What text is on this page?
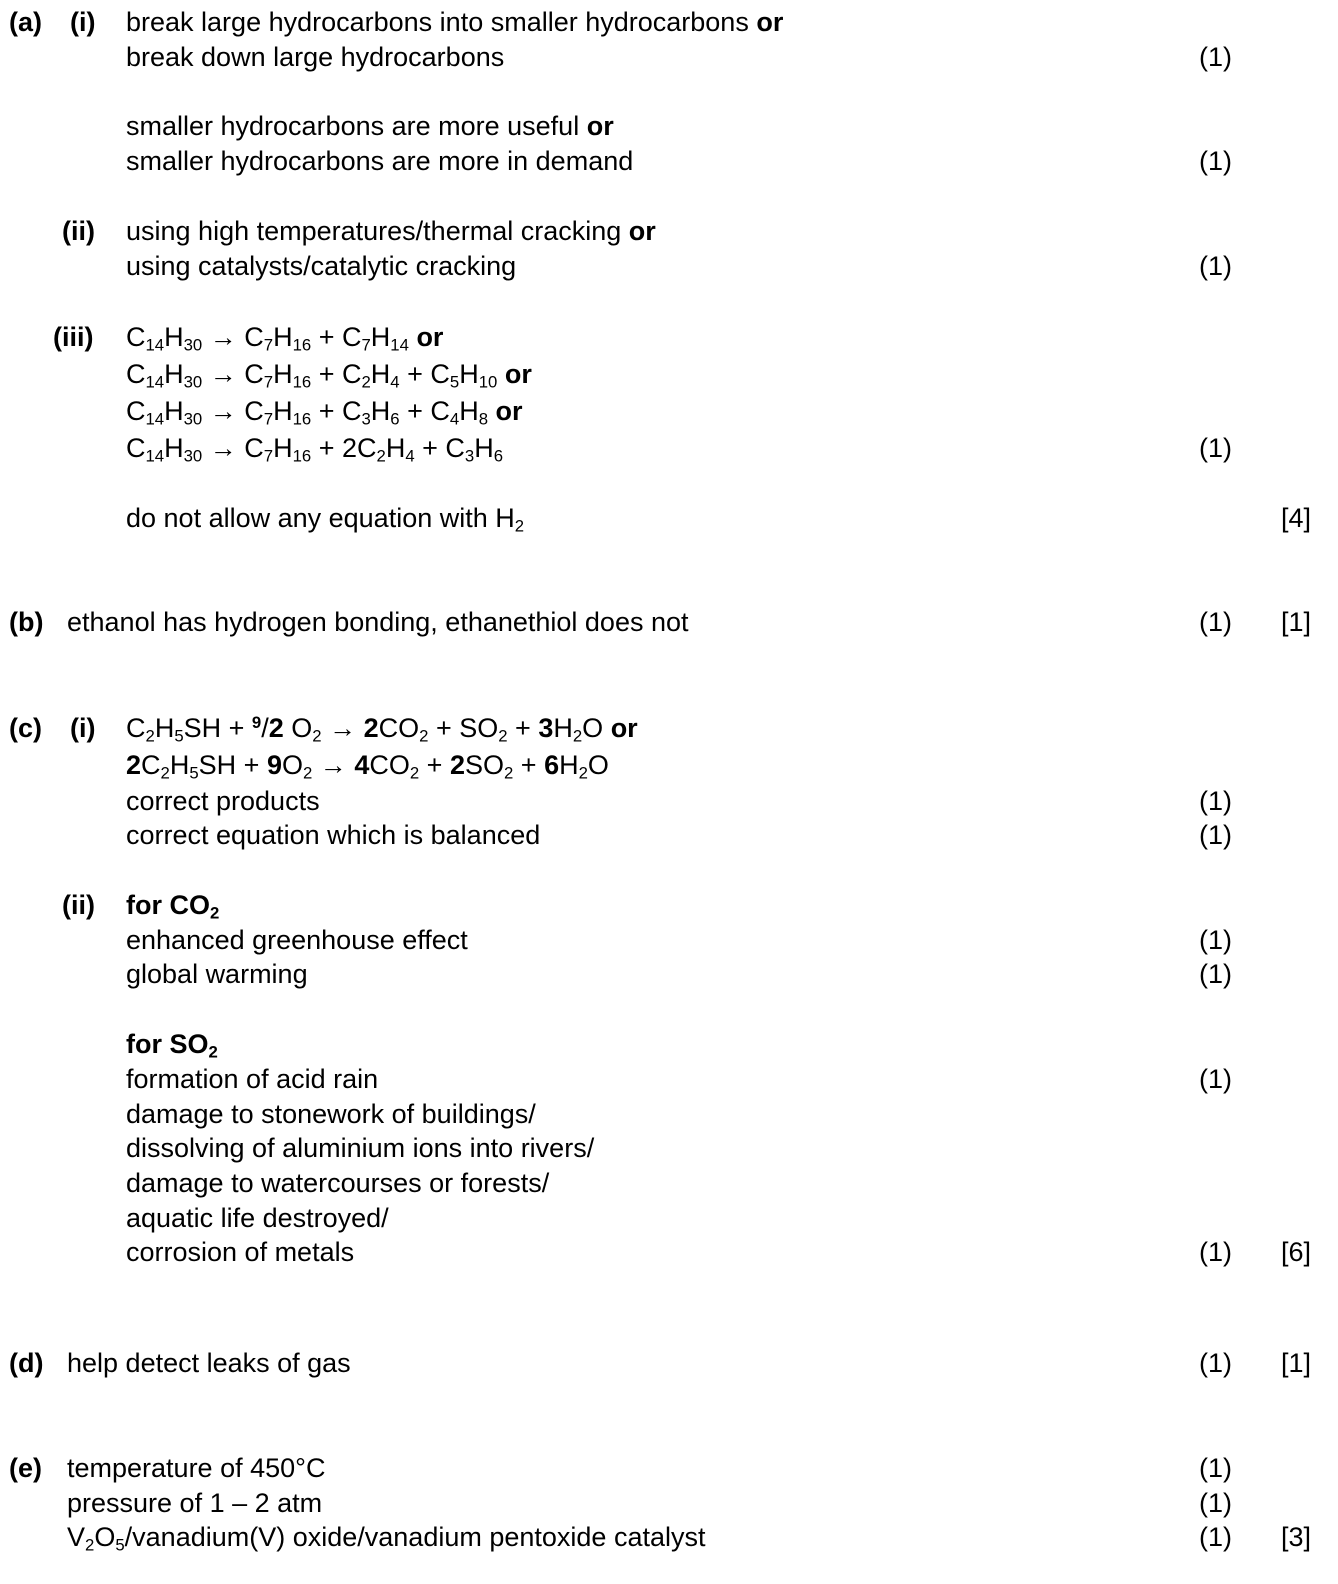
(a) (i) break large hydrocarbons into smaller hydrocarbons or
break down large hydrocarbons	(1)
smaller hydrocarbons are more useful or
smaller hydrocarbons are more in demand	(1)
(ii) using high temperatures/thermal cracking or
using catalysts/catalytic cracking	(1)
(iii) $C_{14}H_{30} \to C_7H_{16} + C_7H_{14}$ or
$C_{14}H_{30} \to C_7H_{16} + C_2H_4 + C_5H_{10}$ or
$C_{14}H_{30} \to C_7H_{16} + C_3H_6 + C_4H_8$ or
$C_{14}H_{30} \to C_7H_{16} + 2C_2H_4 + C_3H_6$	(1)
do not allow any equation with $H_2$	[4]
(b) ethanol has hydrogen bonding, ethanethiol does not	(1) [1]
(c) (i) $C_2H_5SH + ^9/2$ $O_2 \to 2CO_2 + SO_2 + 3H_2O$ or
$2C_2H_5SH + 9O_2 \to 4CO_2 + 2SO_2 + 6H_2O$
correct products	(1)
correct equation which is balanced	(1)
(ii) for $CO_2$
enhanced greenhouse effect	(1)
global warming	(1)
for $SO_2$
formation of acid rain	(1)
damage to stonework of buildings/
dissolving of aluminium ions into rivers/
damage to watercourses or forests/
aquatic life destroyed/
corrosion of metals	(1) [6]
(d) help detect leaks of gas	(1) [1]
(e) temperature of 450°C	(1)
pressure of 1 – 2 atm	(1)
$V_2O_5/vanadium(V)$ oxide/vanadium pentoxide catalyst	(1) [3]
